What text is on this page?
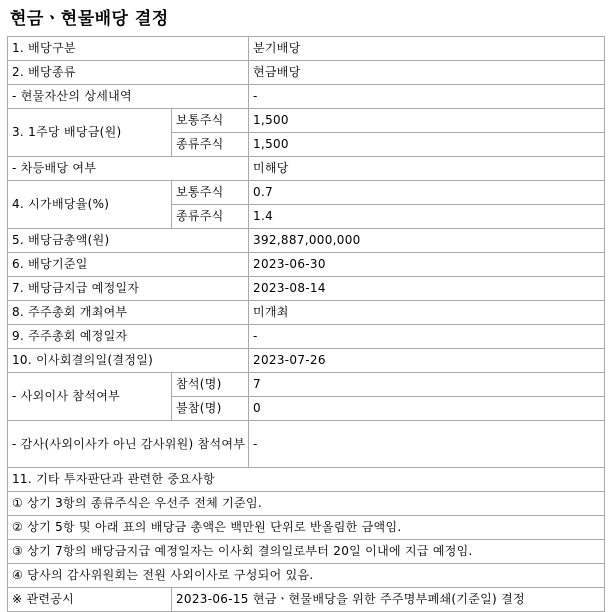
현금ㆍ현물배당 결정
1. 배당구분		분기배당
2. 배당종류		현금배당
- 현물자산의 상세내역		-
3. 1주당 배당금(원)	보통주식	1,500
	종류주식	1,500
- 차등배당 여부		미해당
4. 시가배당율(%)	보통주식	0.7
	종류주식	1.4
5. 배당금총액(원)		392,887,000,000
6. 배당기준일		2023-06-30
7. 배당금지급 예정일자		2023-08-14
8. 주주총회 개최여부		미개최
9. 주주총회 예정일자		-
10. 이사회결의일(결정일)		2023-07-26
- 사외이사 참석여부	참석(명)	7
	불참(명)	0
- 감사(사외이사가 아닌 감사위원) 참석여부		-
11. 기타 투자판단과 관련한 중요사항		
① 상기 3항의 종류주식은 우선주 전체 기준임.		
② 상기 5항 및 아래 표의 배당금 총액은 백만원 단위로 반올림한 금액임.		
③ 상기 7항의 배당금지급 예정일자는 이사회 결의일로부터 20일 이내에 지급 예정임.		
④ 당사의 감사위원회는 전원 사외이사로 구성되어 있음.		
※ 관련공시	2023-06-15 현금ㆍ현물배당을 위한 주주명부폐쇄(기준일) 결정	
